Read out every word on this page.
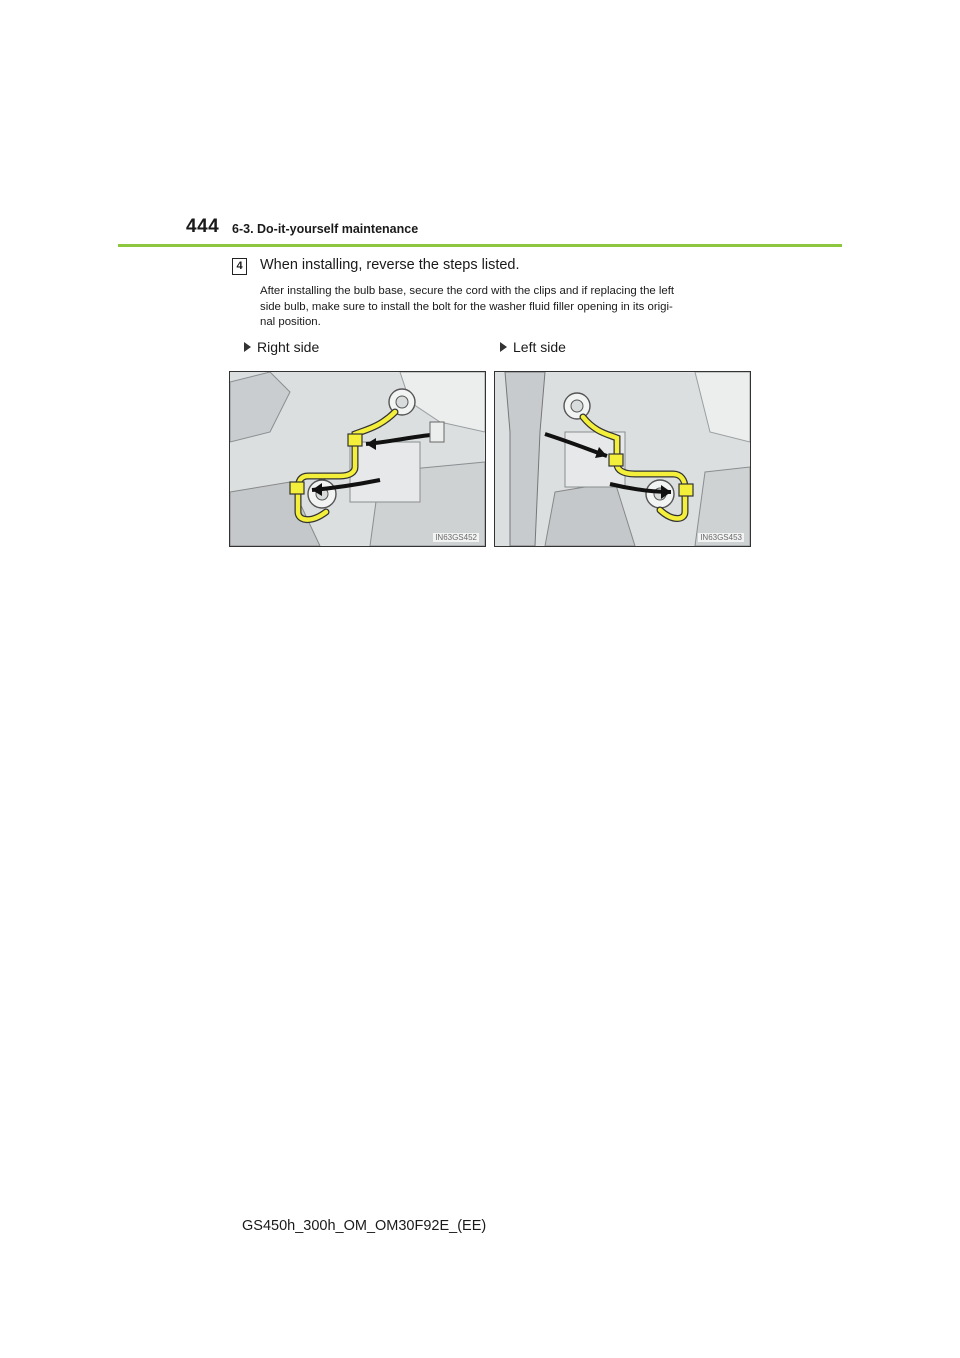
444 6-3. Do-it-yourself maintenance
4	When installing, reverse the steps listed.
After installing the bulb base, secure the cord with the clips and if replacing the left
side bulb, make sure to install the bolt for the washer fluid filler opening in its origi-
nal position.
Right side	Left side
IN63GS452	IN63GS453
GS450h_300h_OM_OM30F92E_(EE)
